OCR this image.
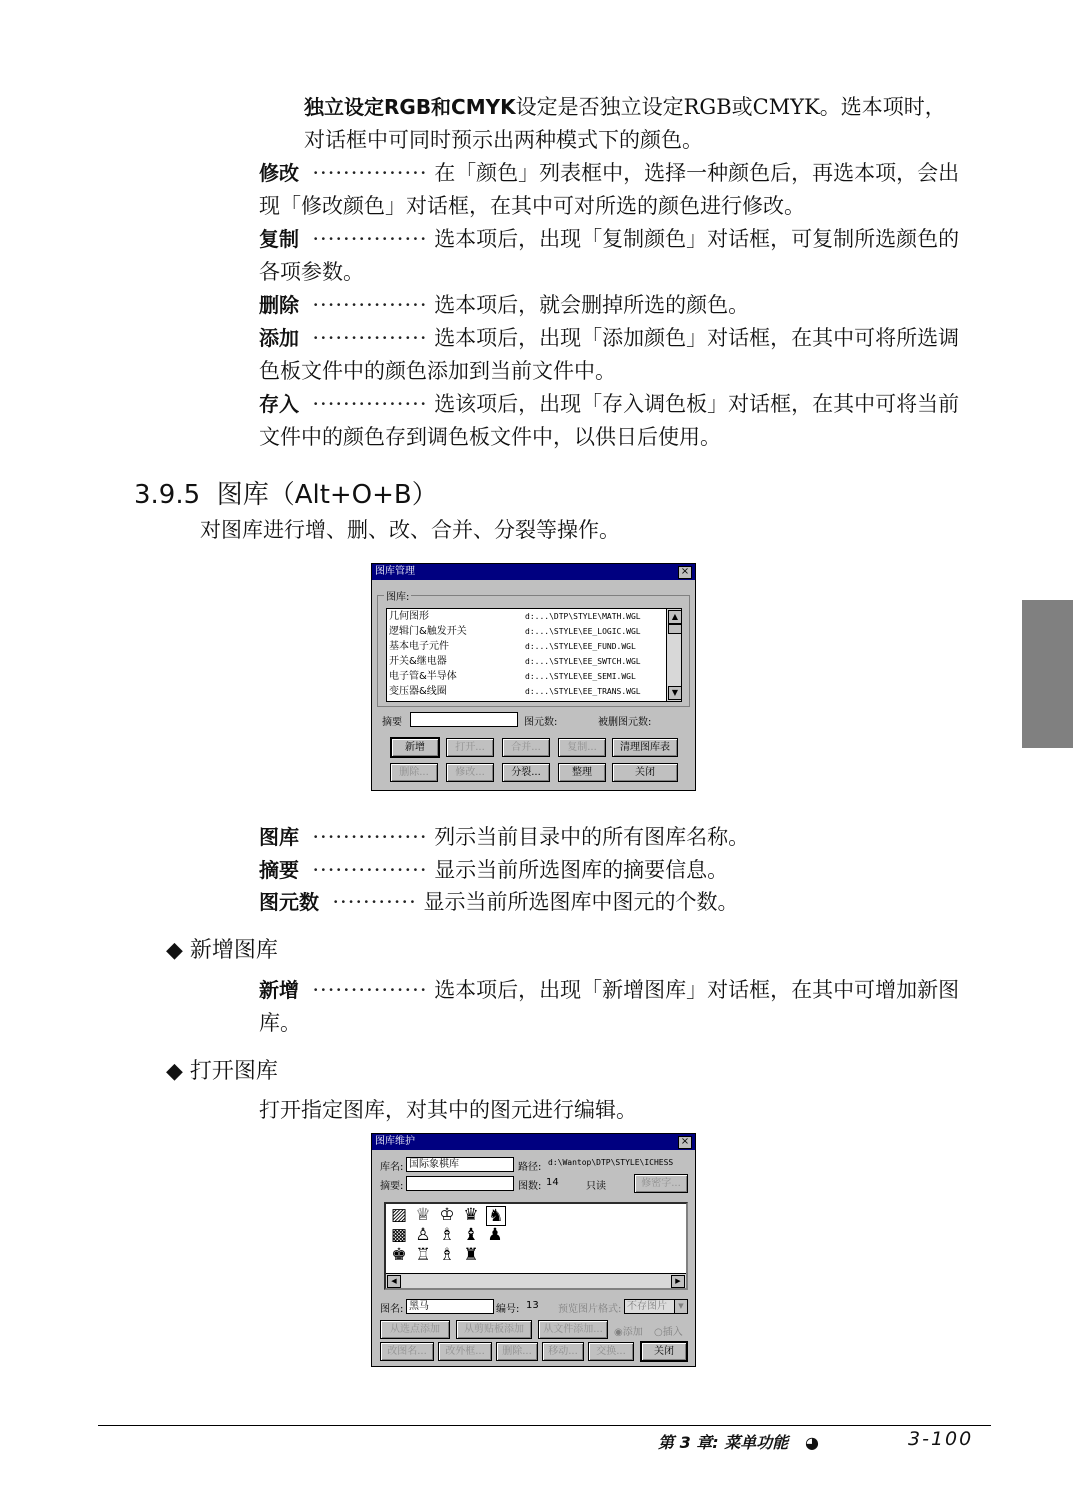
独立设定RGB和CMYK设定是否独立设定RGB或CMYK。选本项时，
对话框中可同时预示出两种模式下的颜色。
修改 ··············· 在「颜色」列表框中，选择一种颜色后，再选本项，会出
现「修改颜色」对话框，在其中可对所选的颜色进行修改。
复制 ··············· 选本项后，出现「复制颜色」对话框，可复制所选颜色的
各项参数。
删除 ··············· 选本项后，就会删掉所选的颜色。
添加 ··············· 选本项后，出现「添加颜色」对话框，在其中可将所选调
色板文件中的颜色添加到当前文件中。
存入 ··············· 选该项后，出现「存入调色板」对话框，在其中可将当前
文件中的颜色存到调色板文件中，以供日后使用。
3.9.5 图库（Alt+O+B）
对图库进行增、删、改、合并、分裂等操作。
图库管理	×
图库:
几何图形	d:...\DTP\STYLE\MATH.WGL
逻辑门&触发开关	d:...\STYLE\EE_LOGIC.WGL
基本电子元件	d:...\STYLE\EE_FUND.WGL
开关&继电器	d:...\STYLE\EE_SWTCH.WGL
电子管&半导体	d:...\STYLE\EE_SEMI.WGL
变压器&线圈	d:...\STYLE\EE_TRANS.WGL
▲
▼
摘要	图元数:	被删图元数:
新增	打开...	合并...	复制...	清理图库表
删除...	修改...	分裂...	整理	关闭
图库 ··············· 列示当前目录中的所有图库名称。
摘要 ··············· 显示当前所选图库的摘要信息。
图元数 ··········· 显示当前所选图库中图元的个数。
◆ 新增图库
新增 ··············· 选本项后，出现「新增图库」对话框，在其中可增加新图
库。
◆ 打开图库
打开指定图库，对其中的图元进行编辑。
图库维护	×
库名: 国际象棋库	路径: d:\Wantop\DTP\STYLE\ICHESS
摘要:	图数: 14	只读	修密字...
▨ ♕ ♔ ♛ ♞
▩ ♙ ♗ ♝ ♟
♚ ♖ ♗ ♜
◀	▶
图名: 黑马	编号: 13 预览图片格式: 不存图片	▼
从选点添加	从剪贴板添加	从文件添加...	◉添加 ○插入
改图名...	改外框...	删除...	移动...	交换...	关闭
第 3 章: 菜单功能 ◕	3-100
